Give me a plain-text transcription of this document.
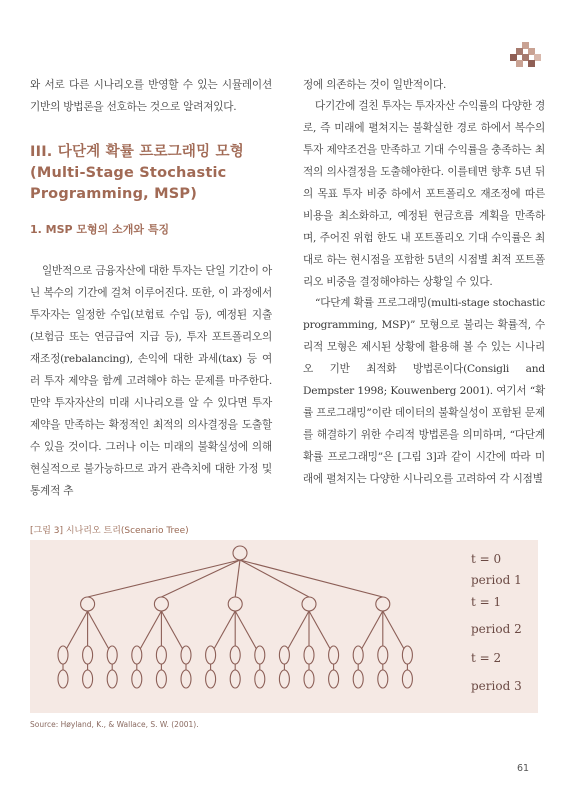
와 서로 다른 시나리오를 반영할 수 있는 시뮬레이션 기반의 방법론을 선호하는 것으로 알려져있다.

III. 다단계 확률 프로그래밍 모형
(Multi-Stage Stochastic
Programming, MSP)
1. MSP 모형의 소개와 특징

일반적으로 금융자산에 대한 투자는 단일 기간이 아닌 복수의 기간에 걸쳐 이루어진다. 또한, 이 과정에서 투자자는 일정한 수입(보험료 수입 등), 예정된 지출(보험금 또는 연금급여 지급 등), 투자 포트폴리오의 재조정(rebalancing), 손익에 대한 과세(tax) 등 여러 투자 제약을 함께 고려해야 하는 문제를 마주한다. 만약 투자자산의 미래 시나리오를 알 수 있다면 투자 제약을 만족하는 확정적인 최적의 의사결정을 도출할 수 있을 것이다. 그러나 이는 미래의 불확실성에 의해 현실적으로 불가능하므로 과거 관측치에 대한 가정 및 통계적 추

정에 의존하는 것이 일반적이다.

다기간에 걸친 투자는 투자자산 수익률의 다양한 경로, 즉 미래에 펼쳐지는 불확실한 경로 하에서 복수의 투자 제약조건을 만족하고 기대 수익률을 충족하는 최적의 의사결정을 도출해야한다. 이를테면 향후 5년 뒤의 목표 투자 비중 하에서 포트폴리오 재조정에 따른 비용을 최소화하고, 예정된 현금흐름 계획을 만족하며, 주어진 위험 한도 내 포트폴리오 기대 수익률은 최대로 하는 현시점을 포함한 5년의 시점별 최적 포트폴리오 비중을 결정해야하는 상황일 수 있다.

“다단계 확률 프로그래밍(multi-stage stochastic programming, MSP)” 모형으로 불리는 확률적, 수리적 모형은 제시된 상황에 활용해 볼 수 있는 시나리오 기반 최적화 방법론이다(Consigli and Dempster 1998; Kouwenberg 2001). 여기서 “확률 프로그래밍”이란 데이터의 불확실성이 포함된 문제를 해결하기 위한 수리적 방법론을 의미하며, “다단계 확률 프로그래밍”은 [그림 3]과 같이 시간에 따라 미래에 펼쳐지는 다양한 시나리오를 고려하여 각 시점별

[그림 3] 시나리오 트리(Scenario Tree)

t = 0
period 1
t = 1
period 2
t = 2
period 3

Source: Høyland, K., & Wallace, S. W. (2001).

61
